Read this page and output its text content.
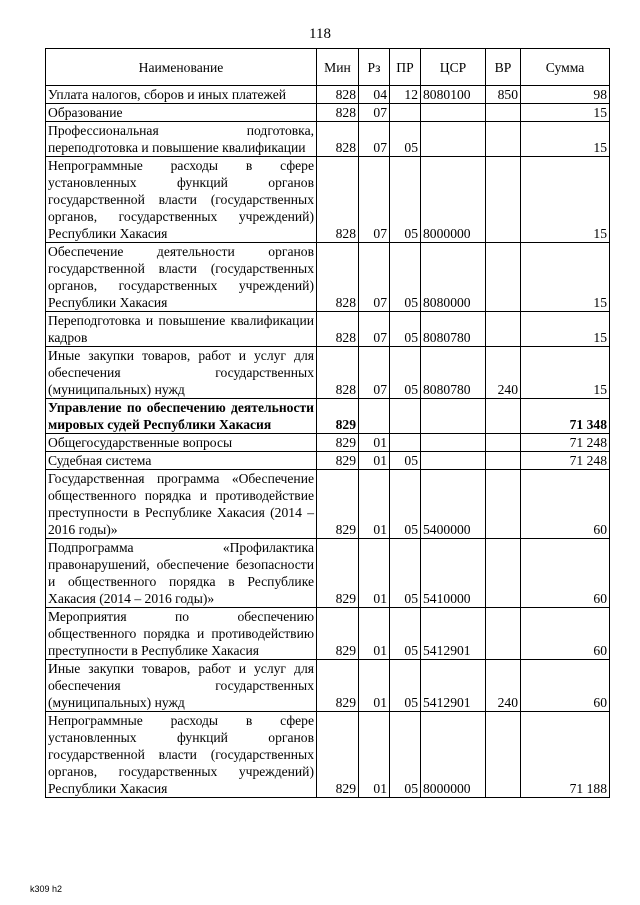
118
Наименование	Мин	Рз	ПР	ЦСР	ВР	Сумма
Уплата налогов, сборов и иных платежей	828	04	12	8080100	850	98
Образование	828	07				15
Профессиональная подготовка, переподготовка и повышение квалификации	828	07	05			15
Непрограммные расходы в сфере установленных функций органов государственной власти (государственных органов, государственных учреждений) Республики Хакасия	828	07	05	8000000		15
Обеспечение деятельности органов государственной власти (государственных органов, государственных учреждений) Республики Хакасия	828	07	05	8080000		15
Переподготовка и повышение квалификации кадров	828	07	05	8080780		15
Иные закупки товаров, работ и услуг для обеспечения государственных (муниципальных) нужд	828	07	05	8080780	240	15
Управление по обеспечению деятельности мировых судей Республики Хакасия	829					71 348
Общегосударственные вопросы	829	01				71 248
Судебная система	829	01	05			71 248
Государственная программа «Обеспечение общественного порядка и противодействие преступности в Республике Хакасия (2014 – 2016 годы)»	829	01	05	5400000		60
Подпрограмма «Профилактика правонарушений, обеспечение безопасности и общественного порядка в Республике Хакасия (2014 – 2016 годы)»	829	01	05	5410000		60
Мероприятия по обеспечению общественного порядка и противодействию преступности в Республике Хакасия	829	01	05	5412901		60
Иные закупки товаров, работ и услуг для обеспечения государственных (муниципальных) нужд	829	01	05	5412901	240	60
Непрограммные расходы в сфере установленных функций органов государственной власти (государственных органов, государственных учреждений) Республики Хакасия	829	01	05	8000000		71 188
k309 h2
